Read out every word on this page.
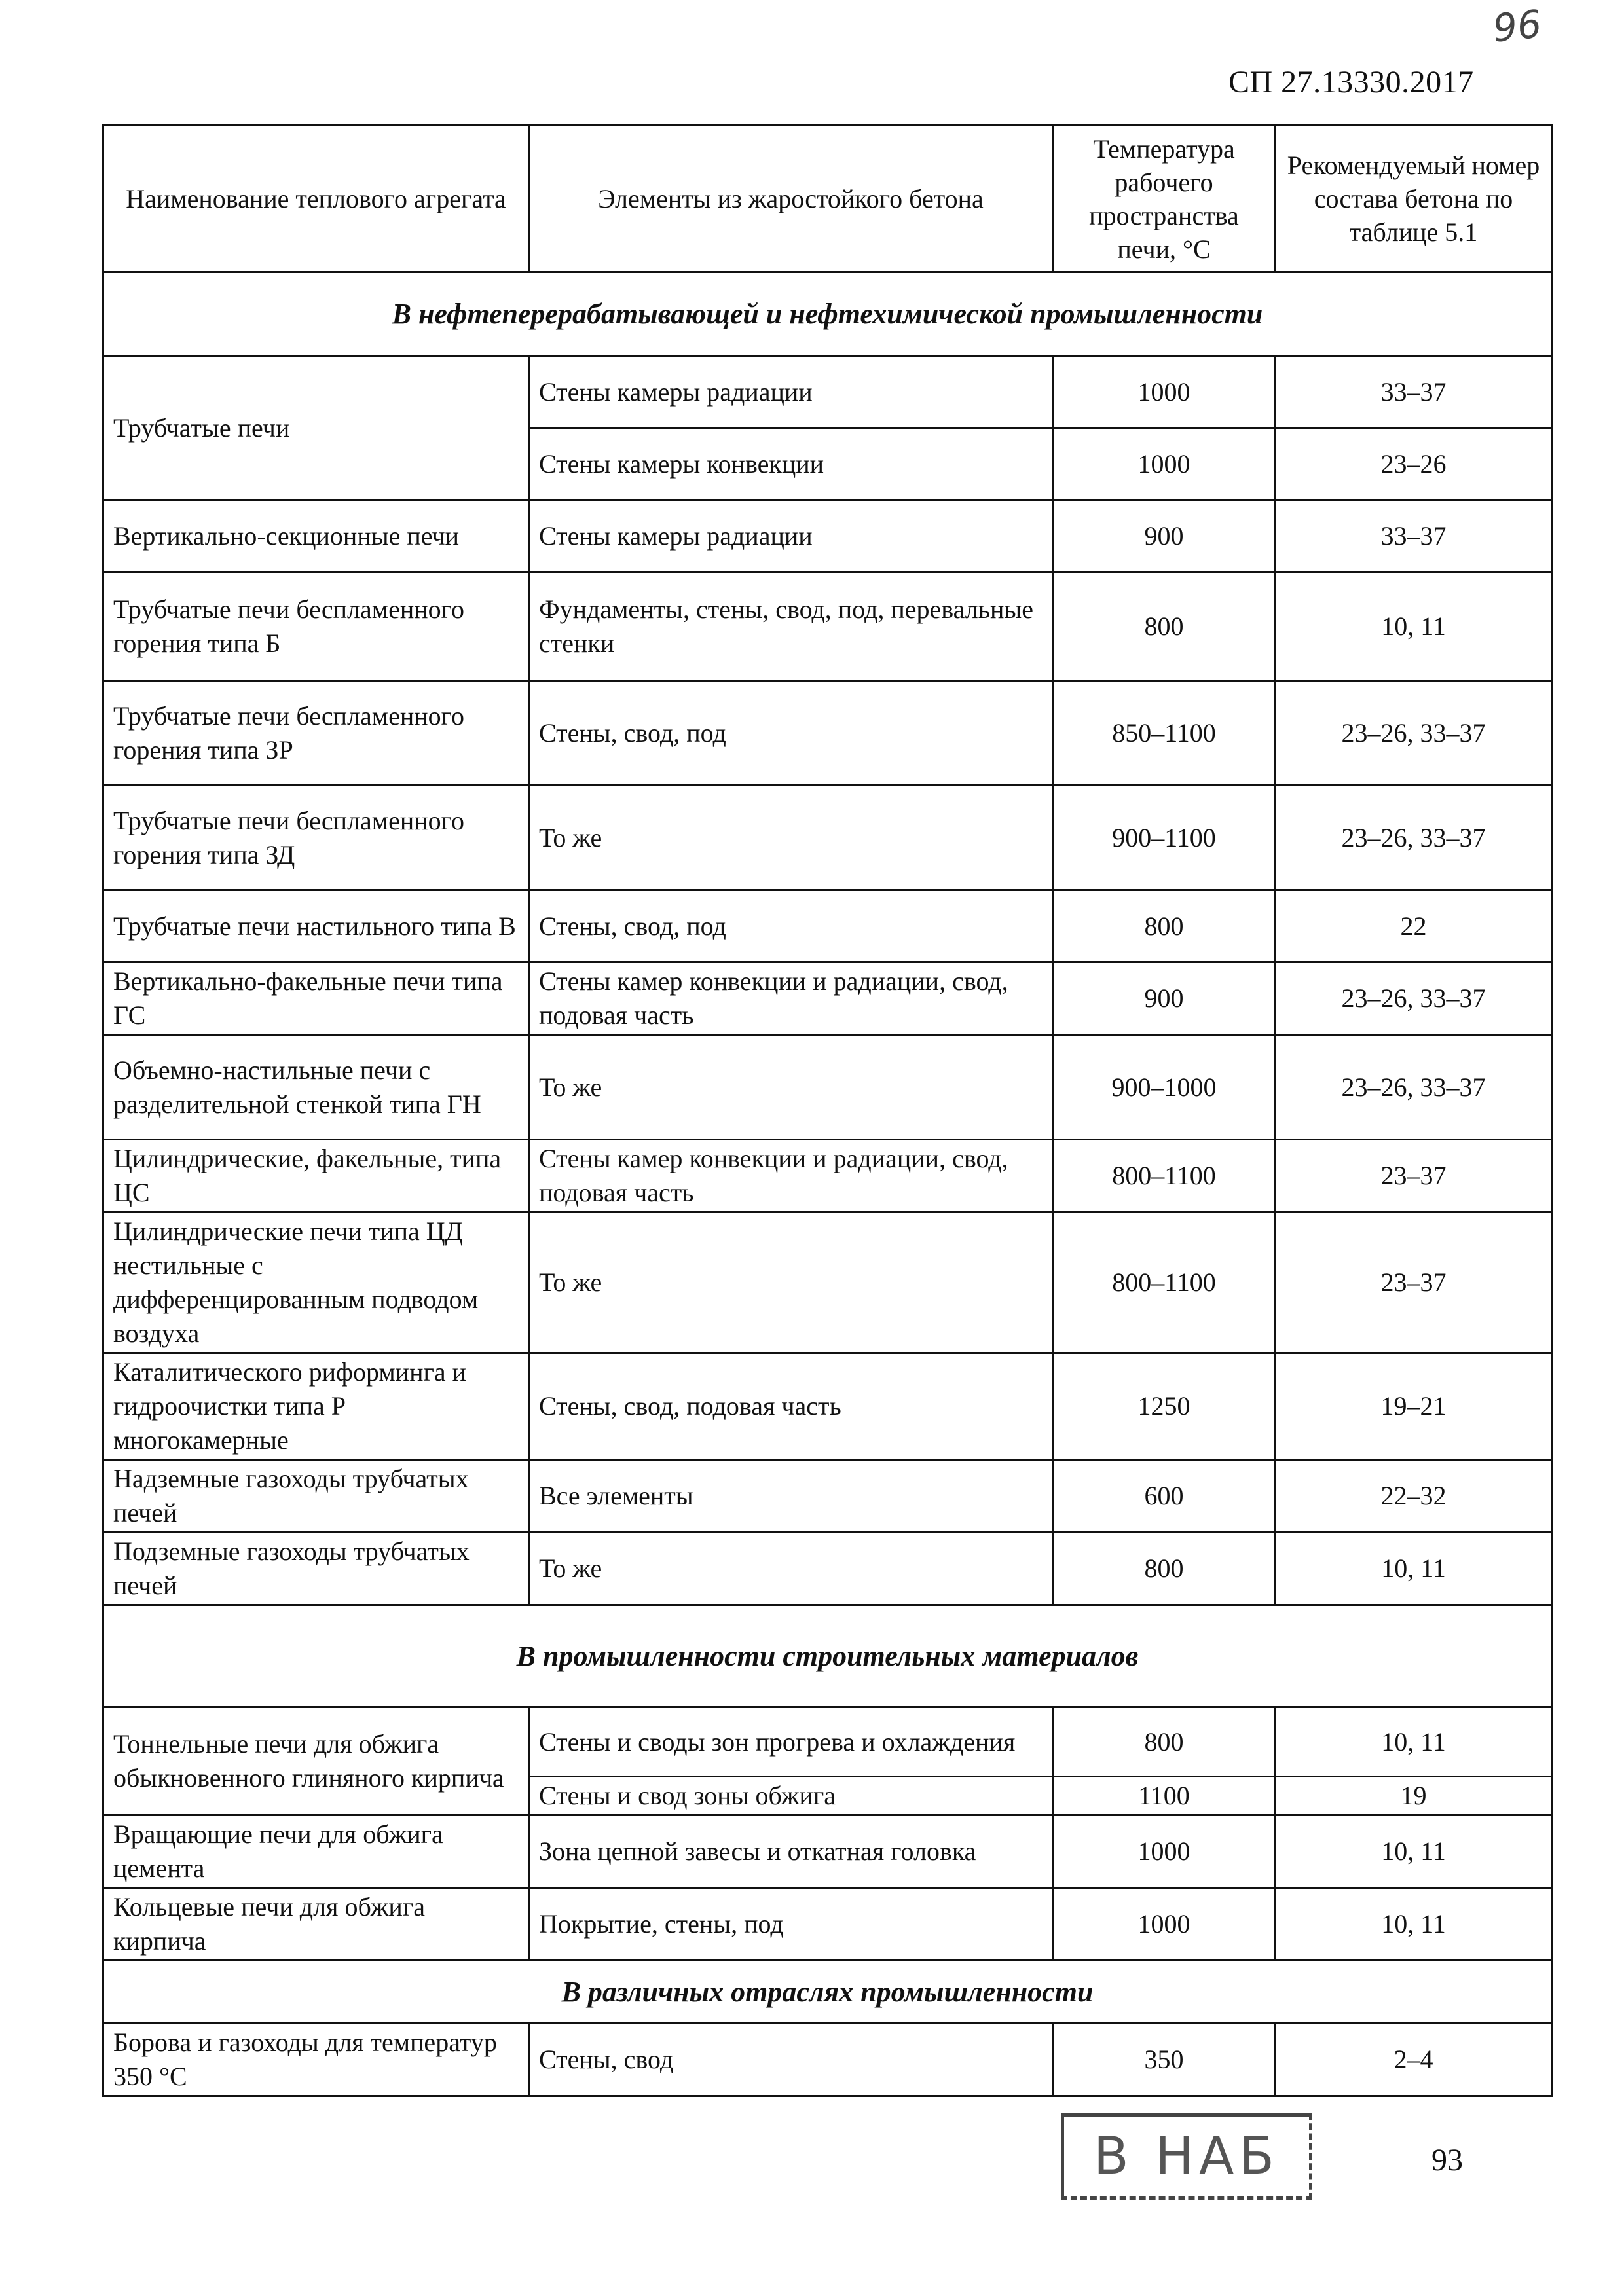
96
СП 27.13330.2017
Наименование теплового агрегата	Элементы из жаростойкого бетона	Температура рабочего пространства печи, °С	Рекомендуемый номер состава бетона по таблице 5.1
В нефтеперерабатывающей и нефтехимической промышленности			
Трубчатые печи	Стены камеры радиации	1000	33–37
	Стены камеры конвекции	1000	23–26
Вертикально-секционные печи	Стены камеры радиации	900	33–37
Трубчатые печи беспламенного горения типа Б	Фундаменты, стены, свод, под, перевальные стенки	800	10, 11
Трубчатые печи беспламенного горения типа ЗР	Стены, свод, под	850–1100	23–26, 33–37
Трубчатые печи беспламенного горения типа ЗД	То же	900–1100	23–26, 33–37
Трубчатые печи настильного типа В	Стены, свод, под	800	22
Вертикально-факельные печи типа ГС	Стены камер конвекции и радиации, свод, подовая часть	900	23–26, 33–37
Объемно-настильные печи с разделительной стенкой типа ГН	То же	900–1000	23–26, 33–37
Цилиндрические, факельные, типа ЦС	Стены камер конвекции и радиации, свод, подовая часть	800–1100	23–37
Цилиндрические печи типа ЦД нестильные с дифференцированным подводом воздуха	То же	800–1100	23–37
Каталитического риформинга и гидроочистки типа Р многокамерные	Стены, свод, подовая часть	1250	19–21
Надземные газоходы трубчатых печей	Все элементы	600	22–32
Подземные газоходы трубчатых печей	То же	800	10, 11
В промышленности строительных материалов			
Тоннельные печи для обжига обыкновенного глиняного кирпича	Стены и своды зон прогрева и охлаждения	800	10, 11
	Стены и свод зоны обжига	1100	19
Вращающие печи для обжига цемента	Зона цепной завесы и откатная головка	1000	10, 11
Кольцевые печи для обжига кирпича	Покрытие, стены, под	1000	10, 11
В различных отраслях промышленности			
Борова и газоходы для температур 350 °С	Стены, свод	350	2–4
В НАБ	93
